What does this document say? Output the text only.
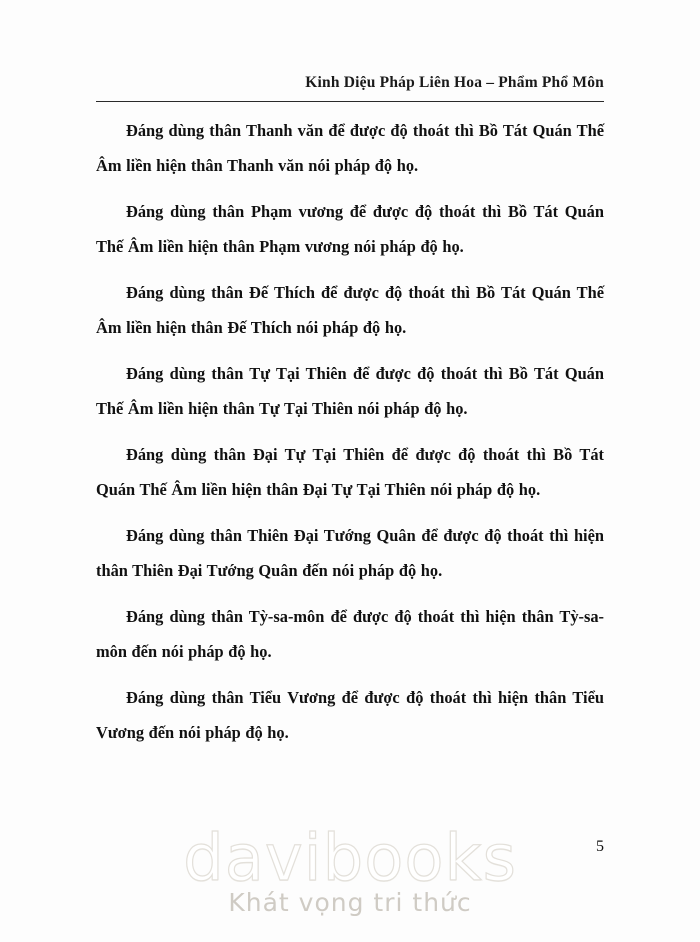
Kinh Diệu Pháp Liên Hoa – Phẩm Phổ Môn

Đáng dùng thân Thanh văn để được độ thoát thì Bồ Tát Quán Thế Âm liền hiện thân Thanh văn nói pháp độ họ.

Đáng dùng thân Phạm vương để được độ thoát thì Bồ Tát Quán Thế Âm liền hiện thân Phạm vương nói pháp độ họ.

Đáng dùng thân Đế Thích để được độ thoát thì Bồ Tát Quán Thế Âm liền hiện thân Đế Thích nói pháp độ họ.

Đáng dùng thân Tự Tại Thiên để được độ thoát thì Bồ Tát Quán Thế Âm liền hiện thân Tự Tại Thiên nói pháp độ họ.

Đáng dùng thân Đại Tự Tại Thiên để được độ thoát thì Bồ Tát Quán Thế Âm liền hiện thân Đại Tự Tại Thiên nói pháp độ họ.

Đáng dùng thân Thiên Đại Tướng Quân để được độ thoát thì hiện thân Thiên Đại Tướng Quân đến nói pháp độ họ.

Đáng dùng thân Tỳ-sa-môn để được độ thoát thì hiện thân Tỳ-sa-môn đến nói pháp độ họ.

Đáng dùng thân Tiểu Vương để được độ thoát thì hiện thân Tiểu Vương đến nói pháp độ họ.

5
davibooks
Khát vọng tri thức
